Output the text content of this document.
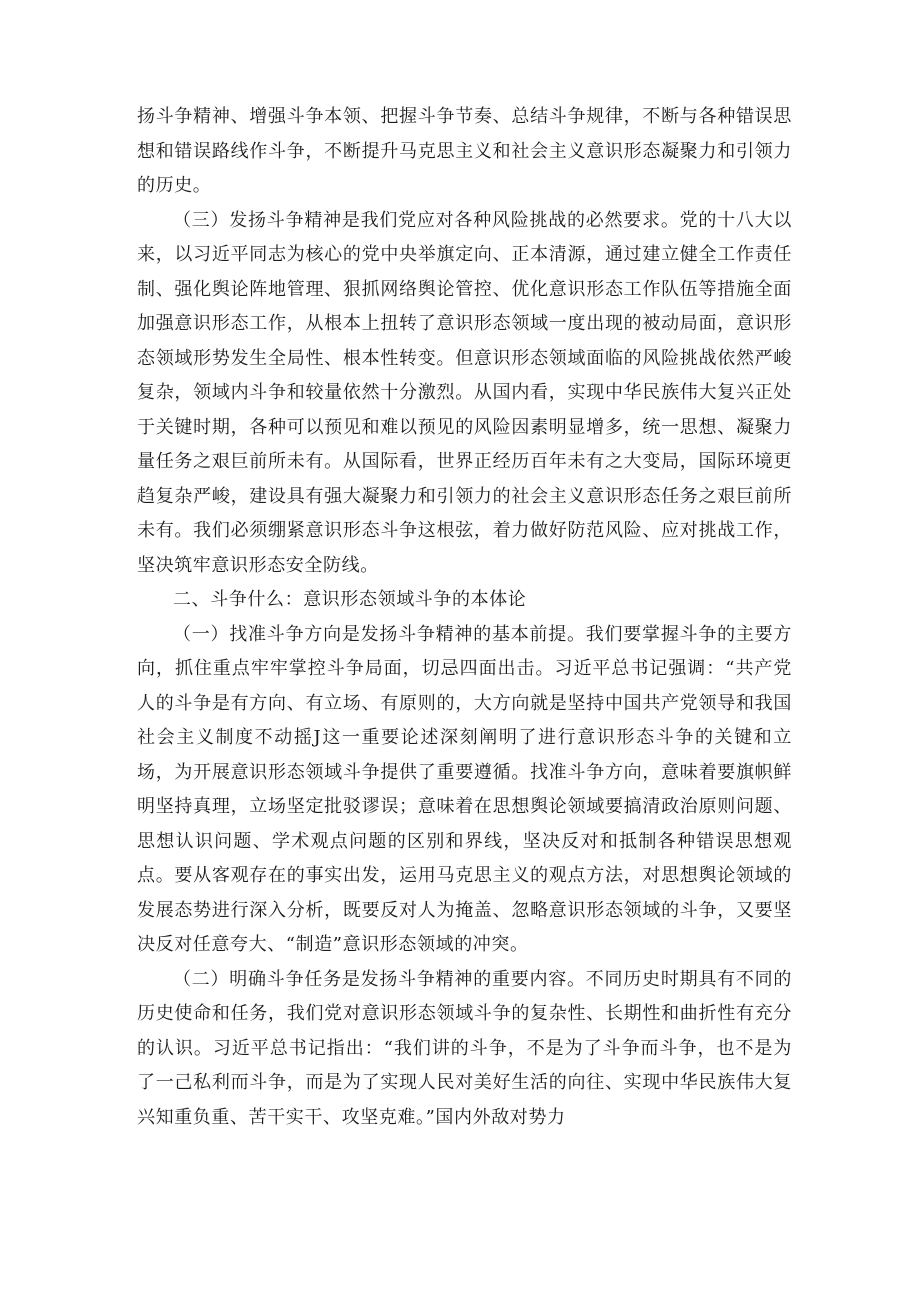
扬斗争精神、增强斗争本领、把握斗争节奏、总结斗争规律，不断与各种错误思想和错误路线作斗争，不断提升马克思主义和社会主义意识形态凝聚力和引领力的历史。

（三）发扬斗争精神是我们党应对各种风险挑战的必然要求。党的十八大以来，以习近平同志为核心的党中央举旗定向、正本清源，通过建立健全工作责任制、强化舆论阵地管理、狠抓网络舆论管控、优化意识形态工作队伍等措施全面加强意识形态工作，从根本上扭转了意识形态领域一度出现的被动局面，意识形态领域形势发生全局性、根本性转变。但意识形态领域面临的风险挑战依然严峻复杂，领域内斗争和较量依然十分激烈。从国内看，实现中华民族伟大复兴正处于关键时期，各种可以预见和难以预见的风险因素明显增多，统一思想、凝聚力量任务之艰巨前所未有。从国际看，世界正经历百年未有之大变局，国际环境更趋复杂严峻，建设具有强大凝聚力和引领力的社会主义意识形态任务之艰巨前所未有。我们必须绷紧意识形态斗争这根弦，着力做好防范风险、应对挑战工作，坚决筑牢意识形态安全防线。

二、斗争什么：意识形态领域斗争的本体论

（一）找准斗争方向是发扬斗争精神的基本前提。我们要掌握斗争的主要方向，抓住重点牢牢掌控斗争局面，切忌四面出击。习近平总书记强调：“共产党人的斗争是有方向、有立场、有原则的，大方向就是坚持中国共产党领导和我国社会主义制度不动摇J这一重要论述深刻阐明了进行意识形态斗争的关键和立场，为开展意识形态领域斗争提供了重要遵循。找准斗争方向，意味着要旗帜鲜明坚持真理，立场坚定批驳谬误；意味着在思想舆论领域要搞清政治原则问题、思想认识问题、学术观点问题的区别和界线，坚决反对和抵制各种错误思想观点。要从客观存在的事实出发，运用马克思主义的观点方法，对思想舆论领域的发展态势进行深入分析，既要反对人为掩盖、忽略意识形态领域的斗争，又要坚决反对任意夸大、“制造”意识形态领域的冲突。

（二）明确斗争任务是发扬斗争精神的重要内容。不同历史时期具有不同的历史使命和任务，我们党对意识形态领域斗争的复杂性、长期性和曲折性有充分的认识。习近平总书记指出：“我们讲的斗争，不是为了斗争而斗争，也不是为了一己私利而斗争，而是为了实现人民对美好生活的向往、实现中华民族伟大复兴知重负重、苦干实干、攻坚克难。”国内外敌对势力
